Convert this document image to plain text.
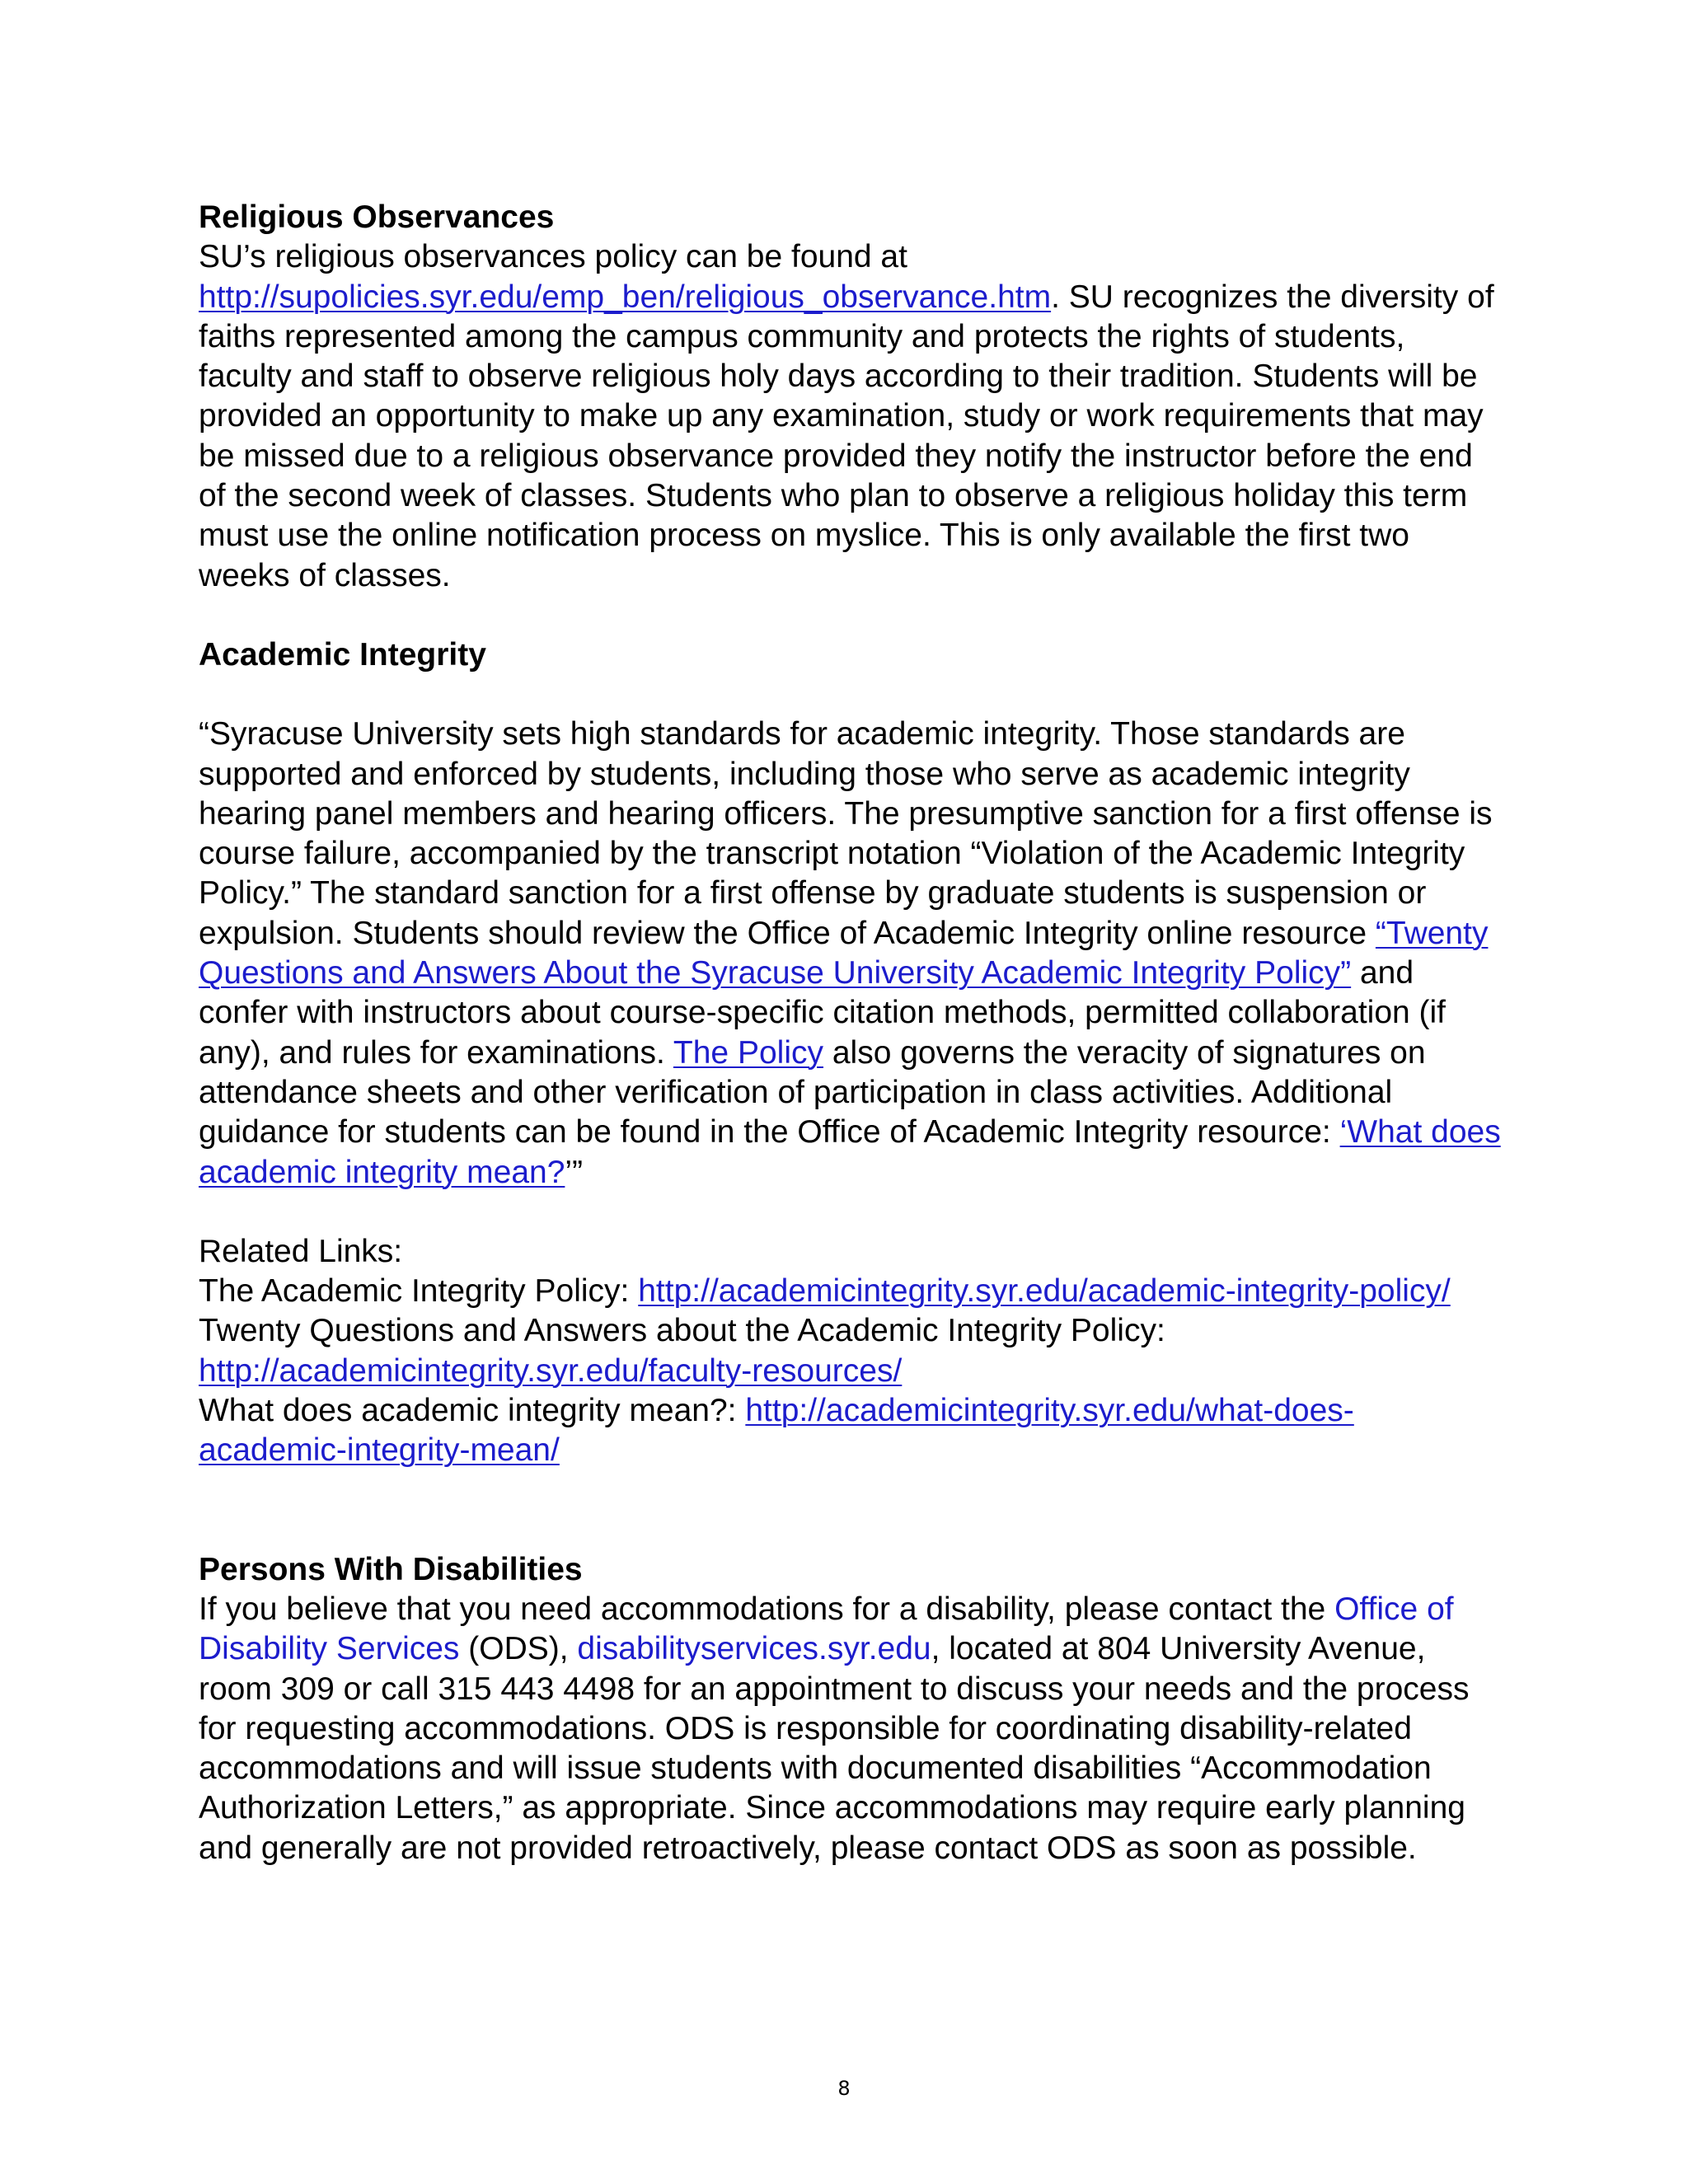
Religious Observances

SU’s religious observances policy can be found at

http://supolicies.syr.edu/emp_ben/religious_observance.htm. SU recognizes the diversity of faiths represented among the campus community and protects the rights of students, faculty and staff to observe religious holy days according to their tradition. Students will be provided an opportunity to make up any examination, study or work requirements that may be missed due to a religious observance provided they notify the instructor before the end of the second week of classes. Students who plan to observe a religious holiday this term must use the online notification process on myslice. This is only available the first two weeks of classes.

Academic Integrity

“Syracuse University sets high standards for academic integrity. Those standards are supported and enforced by students, including those who serve as academic integrity hearing panel members and hearing officers. The presumptive sanction for a first offense is course failure, accompanied by the transcript notation “Violation of the Academic Integrity Policy.” The standard sanction for a first offense by graduate students is suspension or expulsion. Students should review the Office of Academic Integrity online resource “Twenty Questions and Answers About the Syracuse University Academic Integrity Policy” and confer with instructors about course-specific citation methods, permitted collaboration (if any), and rules for examinations. The Policy also governs the veracity of signatures on attendance sheets and other verification of participation in class activities. Additional guidance for students can be found in the Office of Academic Integrity resource: ‘What does academic integrity mean?’”

Related Links:

The Academic Integrity Policy: http://academicintegrity.syr.edu/academic-integrity-policy/

Twenty Questions and Answers about the Academic Integrity Policy: http://academicintegrity.syr.edu/faculty-resources/

What does academic integrity mean?: http://academicintegrity.syr.edu/what-does-academic-integrity-mean/

Persons With Disabilities

If you believe that you need accommodations for a disability, please contact the Office of Disability Services (ODS), disabilityservices.syr.edu, located at 804 University Avenue, room 309 or call 315 443 4498 for an appointment to discuss your needs and the process for requesting accommodations. ODS is responsible for coordinating disability-related accommodations and will issue students with documented disabilities “Accommodation Authorization Letters,” as appropriate. Since accommodations may require early planning and generally are not provided retroactively, please contact ODS as soon as possible.

8
